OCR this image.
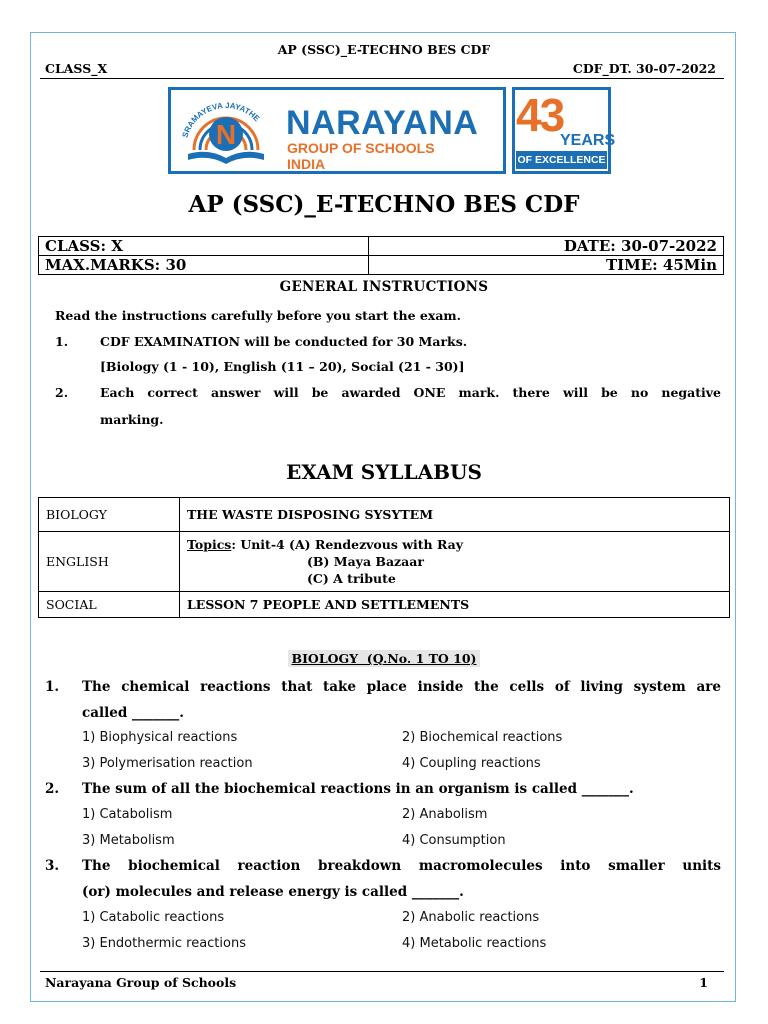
AP (SSC)_E-TECHNO BES CDF
CLASS_X	CDF_DT. 30-07-2022
SRAMAYEVA JAYATHE
N NARAYANA
GROUP OF SCHOOLS
INDIA
43
YEARS
OF EXCELLENCE
AP (SSC)_E-TECHNO BES CDF
CLASS: X	DATE: 30-07-2022
MAX.MARKS: 30	TIME: 45Min
GENERAL INSTRUCTIONS
Read the instructions carefully before you start the exam.
1.	CDF EXAMINATION will be conducted for 30 Marks.
[Biology (1 - 10), English (11 – 20), Social (21 - 30)]
2.	Each correct answer will be awarded ONE mark. there will be no negative
marking.
EXAM SYLLABUS
BIOLOGY	THE WASTE DISPOSING SYSYTEM
ENGLISH	Topics: Unit-4 (A) Rendezvous with Ray
(B) Maya Bazaar
(C) A tribute

SOCIAL	LESSON 7 PEOPLE AND SETTLEMENTS
BIOLOGY  (Q.No. 1 TO 10)
1. The chemical reactions that take place inside the cells of living system are
called _______.
1) Biophysical reactions	2) Biochemical reactions
3) Polymerisation reaction	4) Coupling reactions
2. The sum of all the biochemical reactions in an organism is called _______.
1) Catabolism	2) Anabolism
3) Metabolism	4) Consumption
3. The biochemical reaction breakdown macromolecules into smaller units
(or) molecules and release energy is called _______.
1) Catabolic reactions	2) Anabolic reactions
3) Endothermic reactions	4) Metabolic reactions
Narayana Group of Schools	1
